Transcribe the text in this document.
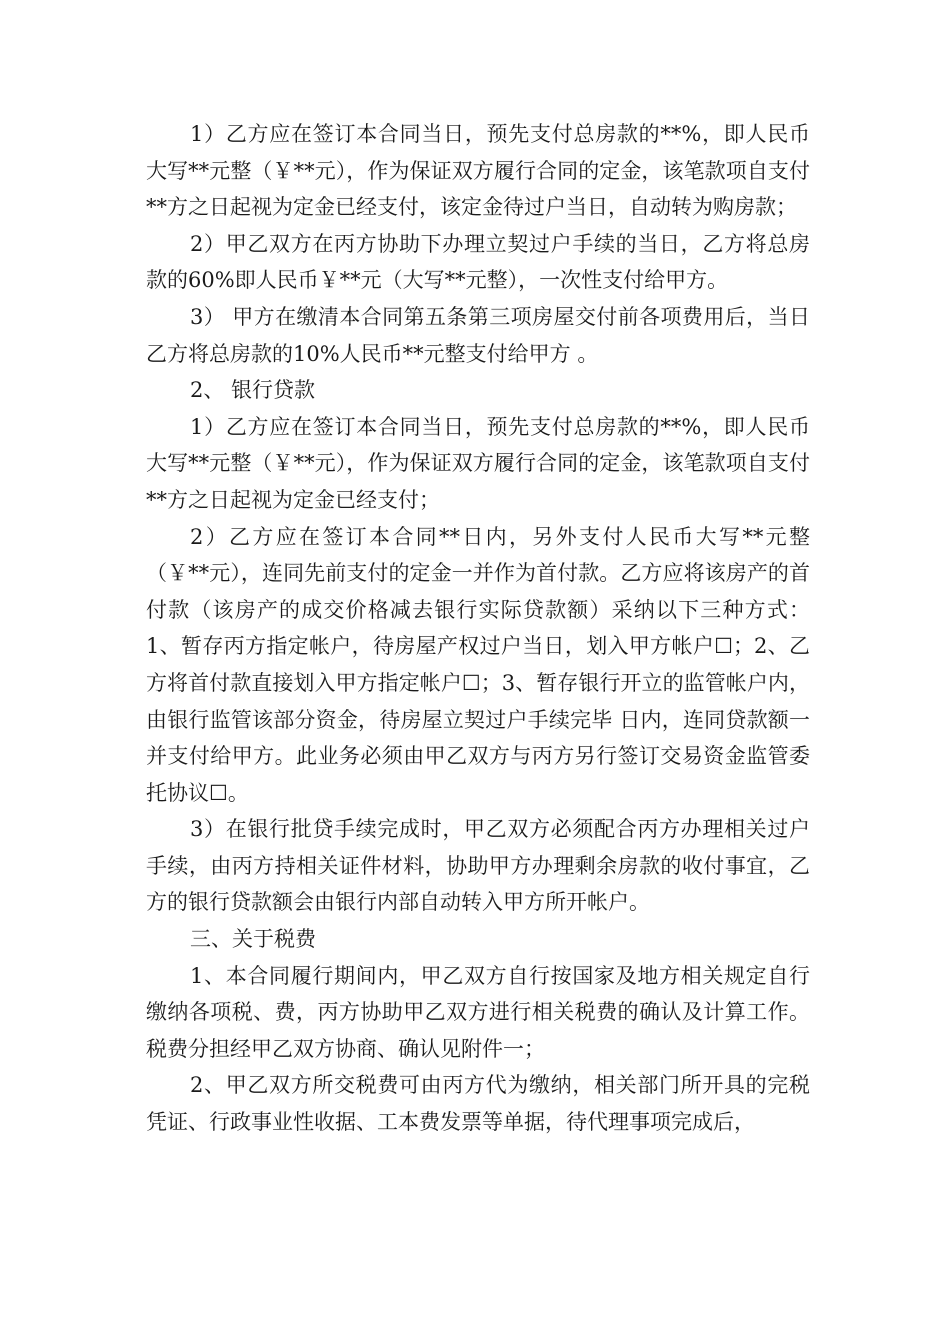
1）乙方应在签订本合同当日，预先支付总房款的**%，即人民币大写**元整（￥**元），作为保证双方履行合同的定金，该笔款项自支付**方之日起视为定金已经支付，该定金待过户当日，自动转为购房款；

2）甲乙双方在丙方协助下办理立契过户手续的当日，乙方将总房款的60%即人民币￥**元（大写**元整），一次性支付给甲方。

3） 甲方在缴清本合同第五条第三项房屋交付前各项费用后，当日乙方将总房款的10%人民币**元整支付给甲方 。

2、 银行贷款

1）乙方应在签订本合同当日，预先支付总房款的**%，即人民币大写**元整（￥**元），作为保证双方履行合同的定金，该笔款项自支付**方之日起视为定金已经支付；

2）乙方应在签订本合同**日内，另外支付人民币大写**元整（￥**元），连同先前支付的定金一并作为首付款。乙方应将该房产的首付款（该房产的成交价格减去银行实际贷款额）采纳以下三种方式：1、暂存丙方指定帐户，待房屋产权过户当日，划入甲方帐户☐；2、乙方将首付款直接划入甲方指定帐户☐；3、暂存银行开立的监管帐户内，由银行监管该部分资金，待房屋立契过户手续完毕 日内，连同贷款额一并支付给甲方。此业务必须由甲乙双方与丙方另行签订交易资金监管委托协议☐。

3）在银行批贷手续完成时，甲乙双方必须配合丙方办理相关过户手续，由丙方持相关证件材料，协助甲方办理剩余房款的收付事宜，乙方的银行贷款额会由银行内部自动转入甲方所开帐户。

三、关于税费

1、本合同履行期间内，甲乙双方自行按国家及地方相关规定自行缴纳各项税、费，丙方协助甲乙双方进行相关税费的确认及计算工作。税费分担经甲乙双方协商、确认见附件一；

2、甲乙双方所交税费可由丙方代为缴纳，相关部门所开具的完税凭证、行政事业性收据、工本费发票等单据，待代理事项完成后，
